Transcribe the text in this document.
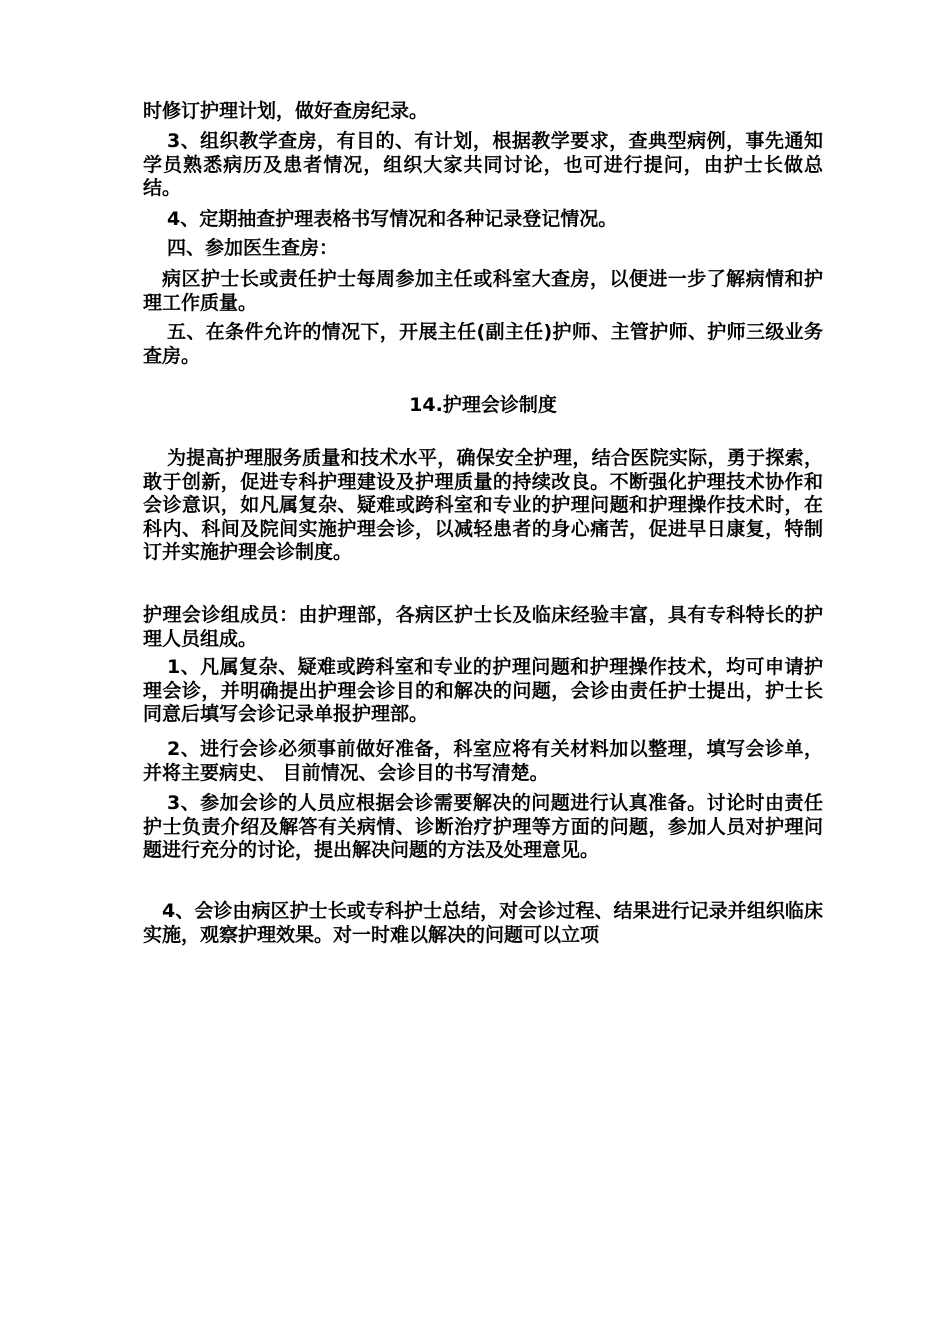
时修订护理计划，做好查房纪录。

3、组织教学查房，有目的、有计划，根据教学要求，查典型病例，事先通知学员熟悉病历及患者情况，组织大家共同讨论，也可进行提问，由护士长做总结。

4、定期抽查护理表格书写情况和各种记录登记情况。

四、参加医生查房：

病区护士长或责任护士每周参加主任或科室大查房，以便进一步了解病情和护理工作质量。

五、在条件允许的情况下，开展主任(副主任)护师、主管护师、护师三级业务查房。

14.护理会诊制度

为提高护理服务质量和技术水平，确保安全护理，结合医院实际，勇于探索，敢于创新，促进专科护理建设及护理质量的持续改良。不断强化护理技术协作和会诊意识，如凡属复杂、疑难或跨科室和专业的护理问题和护理操作技术时，在科内、科间及院间实施护理会诊，以减轻患者的身心痛苦，促进早日康复，特制订并实施护理会诊制度。

护理会诊组成员：由护理部，各病区护士长及临床经验丰富，具有专科特长的护理人员组成。

1、凡属复杂、疑难或跨科室和专业的护理问题和护理操作技术，均可申请护理会诊，并明确提出护理会诊目的和解决的问题，会诊由责任护士提出，护士长同意后填写会诊记录单报护理部。

2、进行会诊必须事前做好准备，科室应将有关材料加以整理，填写会诊单，并将主要病史、 目前情况、会诊目的书写清楚。

3、参加会诊的人员应根据会诊需要解决的问题进行认真准备。讨论时由责任护士负责介绍及解答有关病情、诊断治疗护理等方面的问题，参加人员对护理问题进行充分的讨论，提出解决问题的方法及处理意见。

4、会诊由病区护士长或专科护士总结，对会诊过程、结果进行记录并组织临床实施，观察护理效果。对一时难以解决的问题可以立项
